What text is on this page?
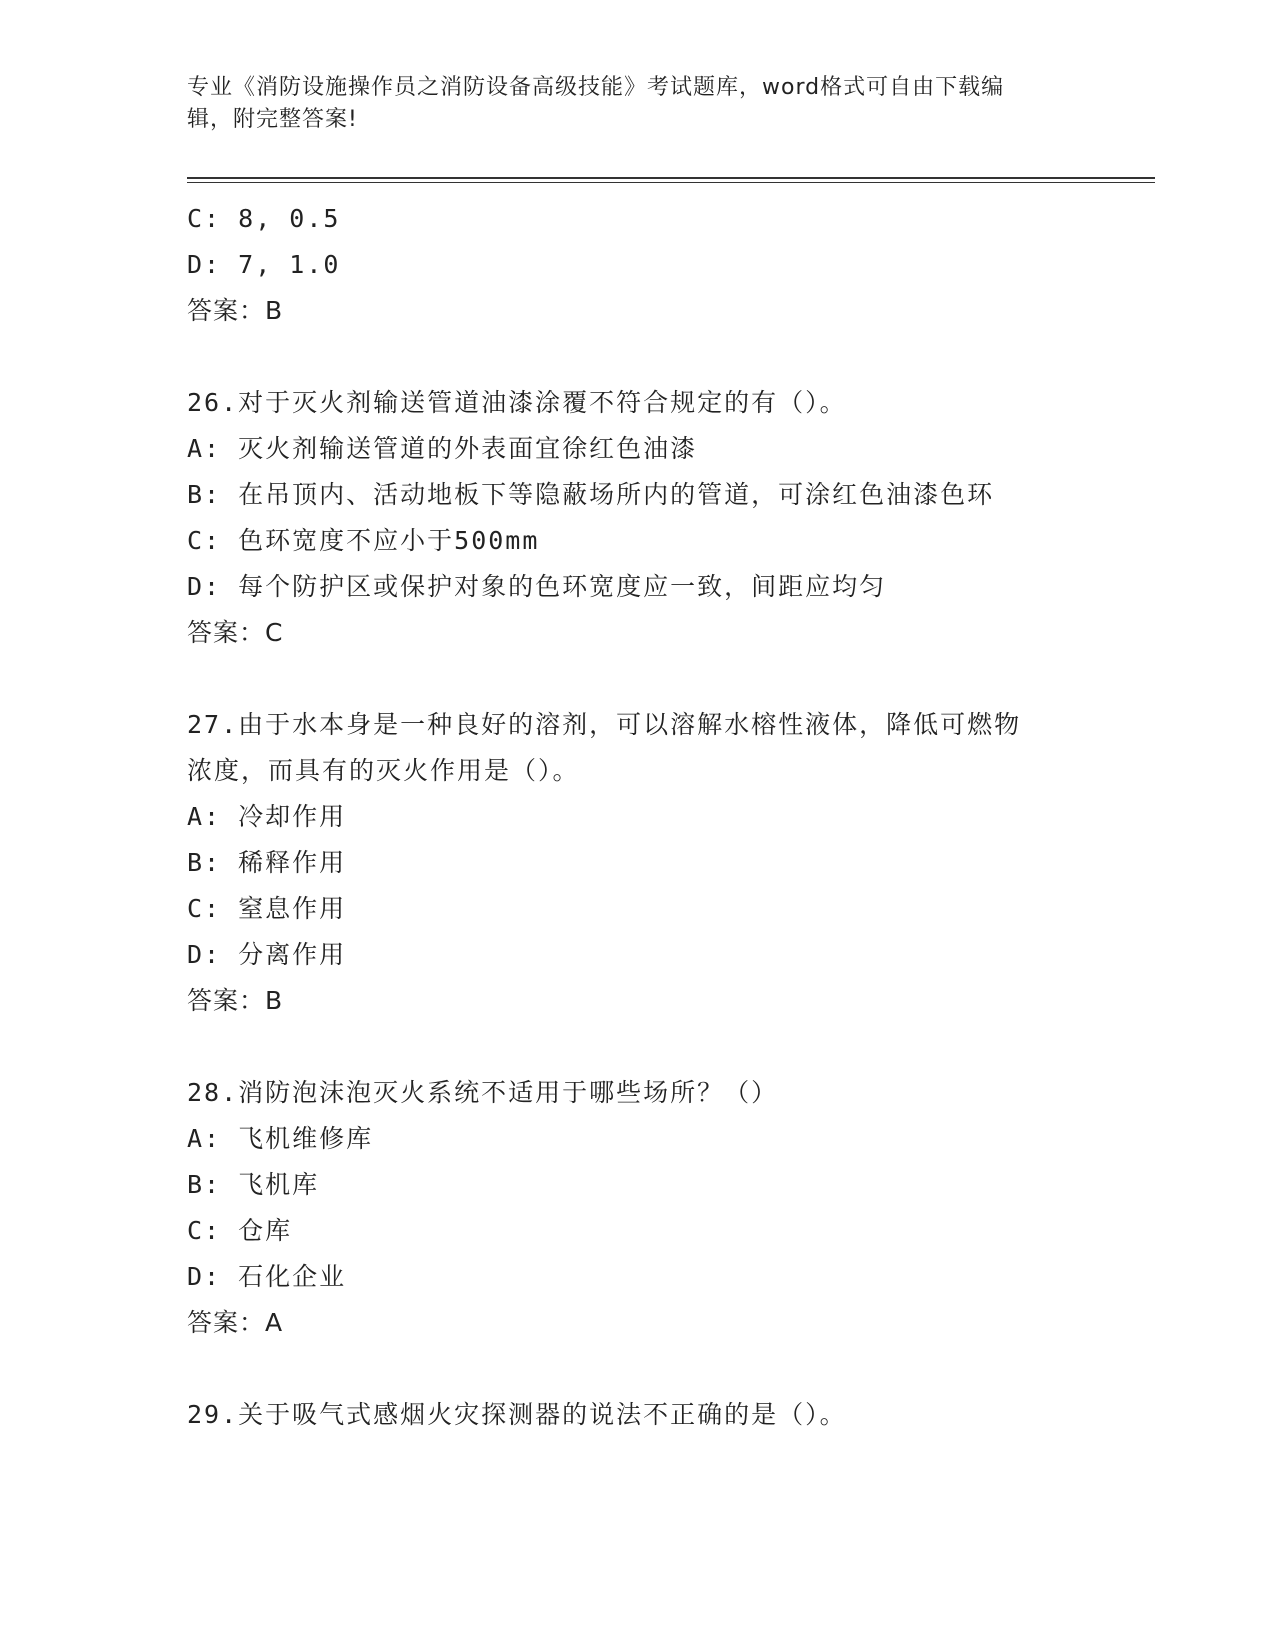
专业《消防设施操作员之消防设备高级技能》考试题库，word格式可自由下载编
辑，附完整答案!
C: 8, 0.5
D: 7, 1.0
答案：B
26.对于灭火剂输送管道油漆涂覆不符合规定的有（）。
A: 灭火剂输送管道的外表面宜徐红色油漆
B: 在吊顶内、活动地板下等隐蔽场所内的管道，可涂红色油漆色环
C: 色环宽度不应小于500mm
D: 每个防护区或保护对象的色环宽度应一致，间距应均匀
答案：C
27.由于水本身是一种良好的溶剂，可以溶解水榕性液体，降低可燃物
浓度，而具有的灭火作用是（）。
A: 冷却作用
B: 稀释作用
C: 窒息作用
D: 分离作用
答案：B
28.消防泡沫泡灭火系统不适用于哪些场所？（）
A: 飞机维修库
B: 飞机库
C: 仓库
D: 石化企业
答案：A
29.关于吸气式感烟火灾探测器的说法不正确的是（）。
